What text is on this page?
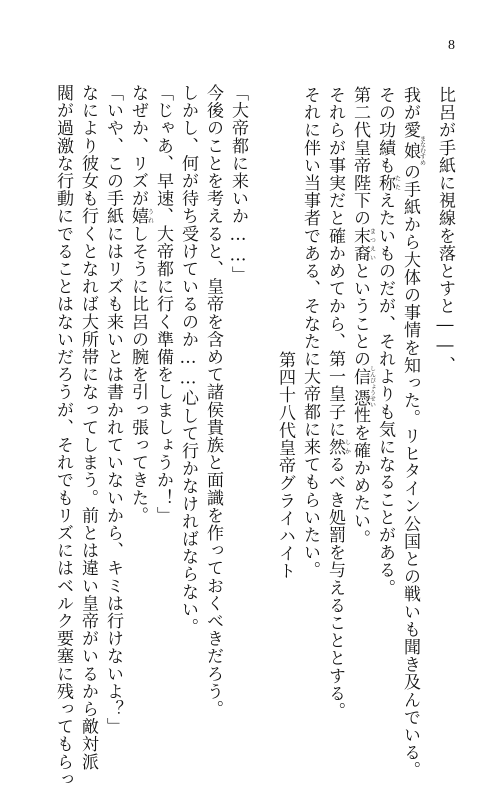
8
比呂が手紙に視線を落とすと――、
我が愛娘まなむすめの手紙から大体の事情を知った。リヒタイン公国との戦いも聞き及んでいる。
その功績も称たたえたいものだが、それよりも気になることがある。
第二代皇帝陛下の末裔まつえいということの信憑しんぴょうせい性を確かめたい。
それらが事実だと確かめてから、第一皇子に然しかるべき処罰を与えることとする。
それに伴い当事者である、そなたに大帝都に来てもらいたい。
第四十八代皇帝グライハイト
「大帝都に来いか……」
今後のことを考えると、皇帝を含めて諸侯貴族と面識を作っておくべきだろう。
しかし、何が待ち受けているのか……心して行かなければならない。
「じゃあ、早速、大帝都に行く準備をしましょうか！」
なぜか、リズが嬉うれしそうに比呂の腕を引っ張ってきた。
「いや、この手紙にはリズも来いとは書かれていないから、キミは行けないよ？」
なにより彼女も行くとなれば大所帯になってしまう。前とは違い皇帝がいるから敵対派
閥が過激な行動にでることはないだろうが、それでもリズにはベルク要塞に残ってもらっ
